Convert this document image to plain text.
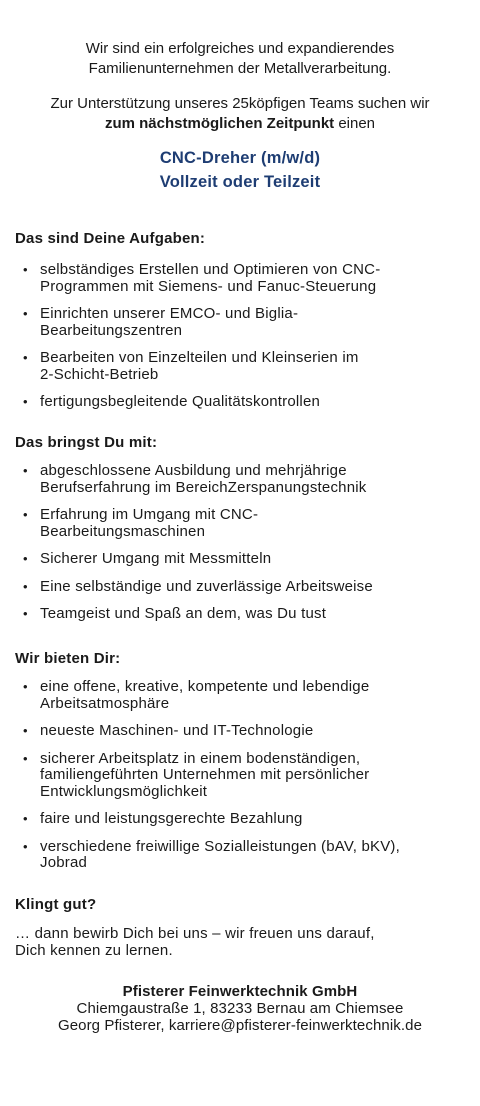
Wir sind ein erfolgreiches und expandierendes
Familienunternehmen der Metallverarbeitung.

Zur Unterstützung unseres 25köpfigen Teams suchen wir
zum nächstmöglichen Zeitpunkt einen

CNC-Dreher (m/w/d)

Vollzeit oder Teilzeit

Das sind Deine Aufgaben:

• selbständiges Erstellen und Optimieren von CNC-
Programmen mit Siemens- und Fanuc-Steuerung
• Einrichten unserer EMCO- und Biglia-
Bearbeitungszentren
• Bearbeiten von Einzelteilen und Kleinserien im
2-Schicht-Betrieb
• fertigungsbegleitende Qualitätskontrollen

Das bringst Du mit:

• abgeschlossene Ausbildung und mehrjährige
Berufserfahrung im BereichZerspanungstechnik
• Erfahrung im Umgang mit CNC-
Bearbeitungsmaschinen
• Sicherer Umgang mit Messmitteln
• Eine selbständige und zuverlässige Arbeitsweise
• Teamgeist und Spaß an dem, was Du tust

Wir bieten Dir:

• eine offene, kreative, kompetente und lebendige
Arbeitsatmosphäre
• neueste Maschinen- und IT-Technologie
• sicherer Arbeitsplatz in einem bodenständigen,
familiengeführten Unternehmen mit persönlicher
Entwicklungsmöglichkeit
• faire und leistungsgerechte Bezahlung
• verschiedene freiwillige Sozialleistungen (bAV, bKV),
Jobrad

Klingt gut?

… dann bewirb Dich bei uns – wir freuen uns darauf,
Dich kennen zu lernen.

Pfisterer Feinwerktechnik GmbH

Chiemgaustraße 1, 83233 Bernau am Chiemsee

Georg Pfisterer, karriere@pfisterer-feinwerktechnik.de
